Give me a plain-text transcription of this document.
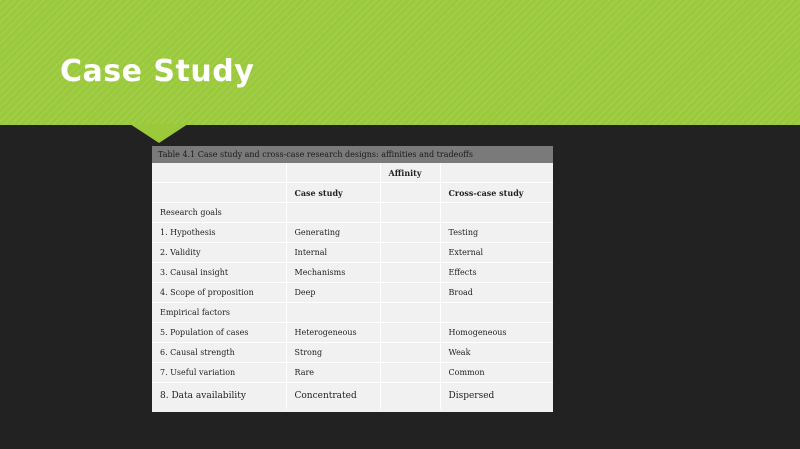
Case Study
Table 4.1 Case study and cross-case research designs: affinities and tradeoffs
		Affinity	
	Case study		Cross-case study
Research goals			
1. Hypothesis	Generating		Testing
2. Validity	Internal		External
3. Causal insight	Mechanisms		Effects
4. Scope of proposition	Deep		Broad
Empirical factors			
5. Population of cases	Heterogeneous		Homogeneous
6. Causal strength	Strong		Weak
7. Useful variation	Rare		Common
8. Data availability	Concentrated		Dispersed
